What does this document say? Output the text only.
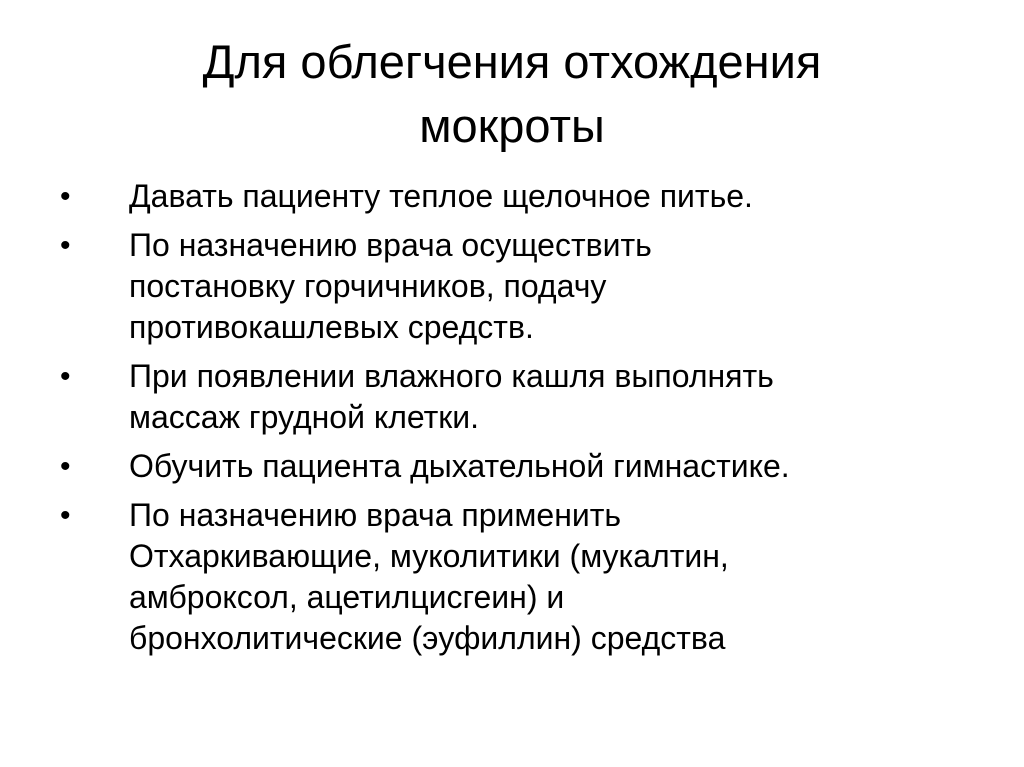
Для облегчения отхождения
мокроты
• Давать пациенту теплое щелочное питье.
• По назначению врача осуществить
постановку горчичников, подачу
противокашлевых средств.
• При появлении влажного кашля выполнять
массаж грудной клетки.
• Обучить пациента дыхательной гимнастике.
• По назначению врача применить
Отхаркивающие, муколитики (мукалтин,
амброксол, ацетилцисгеин) и
бронхолитические (эуфиллин) средства
